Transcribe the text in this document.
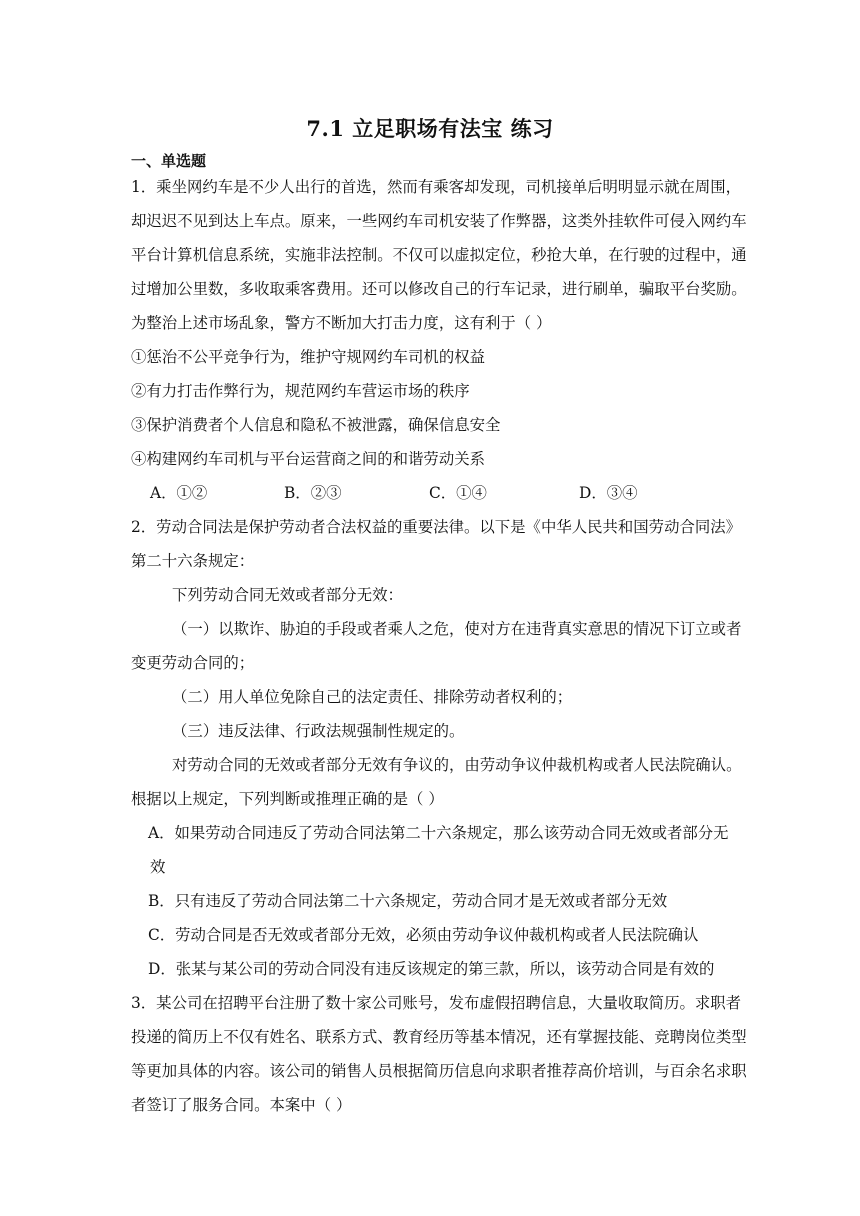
7.1 立足职场有法宝 练习
一、单选题
1．乘坐网约车是不少人出行的首选，然而有乘客却发现，司机接单后明明显示就在周围，
却迟迟不见到达上车点。原来，一些网约车司机安装了作弊器，这类外挂软件可侵入网约车
平台计算机信息系统，实施非法控制。不仅可以虚拟定位，秒抢大单，在行驶的过程中，通
过增加公里数，多收取乘客费用。还可以修改自己的行车记录，进行刷单，骗取平台奖励。
为整治上述市场乱象，警方不断加大打击力度，这有利于（ ）
①惩治不公平竞争行为，维护守规网约车司机的权益
②有力打击作弊行为，规范网约车营运市场的秩序
③保护消费者个人信息和隐私不被泄露，确保信息安全
④构建网约车司机与平台运营商之间的和谐劳动关系
A．①②	B．②③	C．①④	D．③④
2．劳动合同法是保护劳动者合法权益的重要法律。以下是《中华人民共和国劳动合同法》
第二十六条规定：
下列劳动合同无效或者部分无效：
（一）以欺诈、胁迫的手段或者乘人之危，使对方在违背真实意思的情况下订立或者
变更劳动合同的；
（二）用人单位免除自己的法定责任、排除劳动者权利的；
（三）违反法律、行政法规强制性规定的。
对劳动合同的无效或者部分无效有争议的，由劳动争议仲裁机构或者人民法院确认。
根据以上规定，下列判断或推理正确的是（ ）
A．如果劳动合同违反了劳动合同法第二十六条规定，那么该劳动合同无效或者部分无
效
B．只有违反了劳动合同法第二十六条规定，劳动合同才是无效或者部分无效
C．劳动合同是否无效或者部分无效，必须由劳动争议仲裁机构或者人民法院确认
D．张某与某公司的劳动合同没有违反该规定的第三款，所以，该劳动合同是有效的
3．某公司在招聘平台注册了数十家公司账号，发布虚假招聘信息，大量收取简历。求职者
投递的简历上不仅有姓名、联系方式、教育经历等基本情况，还有掌握技能、竞聘岗位类型
等更加具体的内容。该公司的销售人员根据简历信息向求职者推荐高价培训，与百余名求职
者签订了服务合同。本案中（ ）
